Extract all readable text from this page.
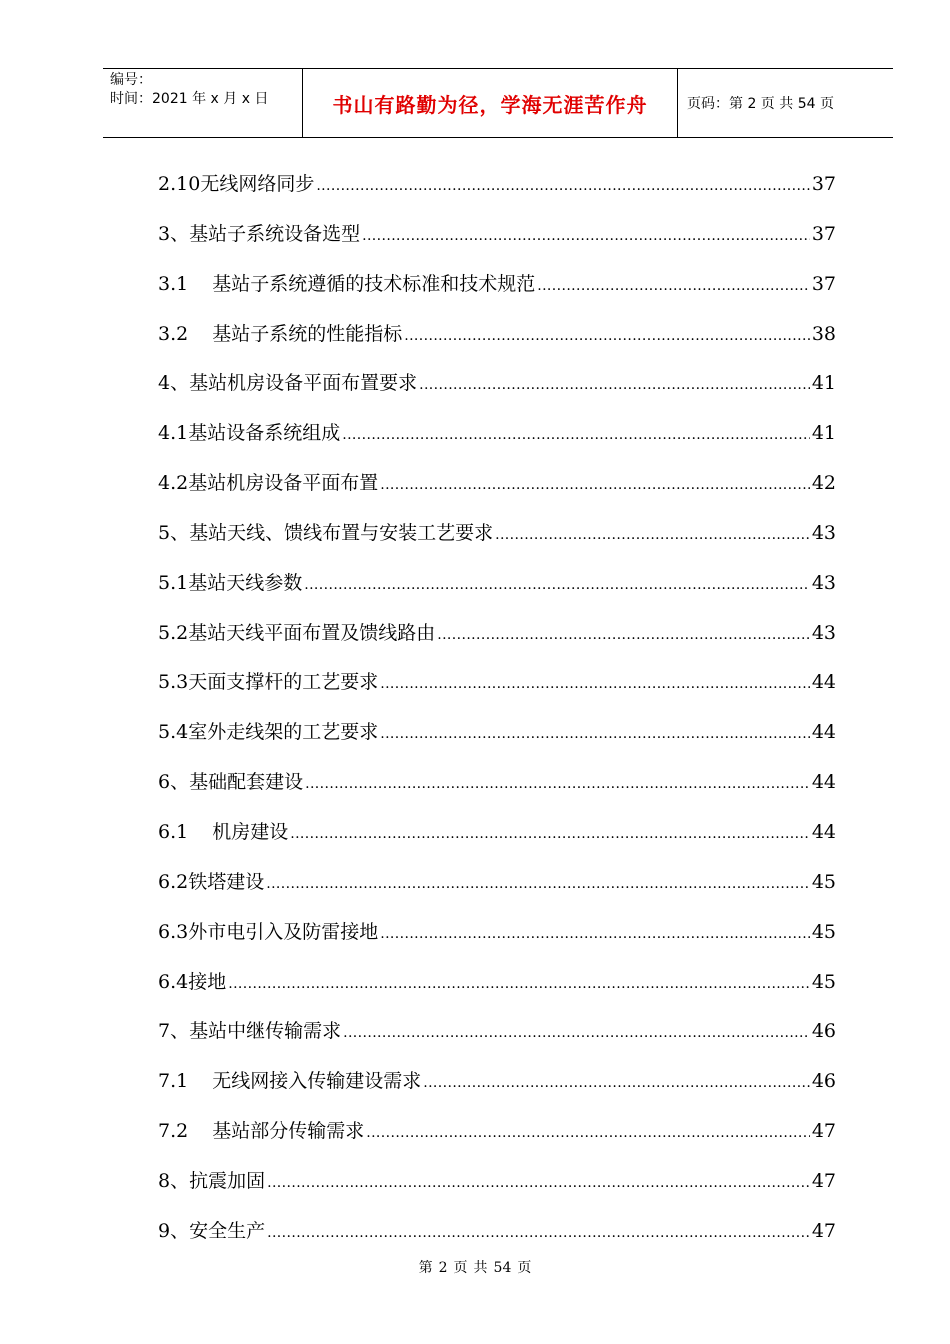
编号：
时间：2021 年 x 月 x 日	书山有路勤为径，学海无涯苦作舟	页码：第 2 页 共 54 页
2.10 无线网络同步 .....	37
3、 基站子系统设备选型 .....	37
3.1 基站子系统遵循的技术标准和技术规范 .....	37
3.2 基站子系统的性能指标 .....	38
4、 基站机房设备平面布置要求 .....	41
4.1 基站设备系统组成 .....	41
4.2 基站机房设备平面布置 .....	42
5、 基站天线、馈线布置与安装工艺要求 .....	43
5.1 基站天线参数 .....	43
5.2 基站天线平面布置及馈线路由 .....	43
5.3 天面支撑杆的工艺要求 .....	44
5.4 室外走线架的工艺要求 .....	44
6、 基础配套建设 .....	44
6.1 机房建设 .....	44
6.2 铁塔建设 .....	45
6.3 外市电引入及防雷接地 .....	45
6.4 接地 .....	45
7、 基站中继传输需求 .....	46
7.1 无线网接入传输建设需求 .....	46
7.2 基站部分传输需求 .....	47
8、 抗震加固 .....	47
9、 安全生产 .....	47
第 2 页 共 54 页
